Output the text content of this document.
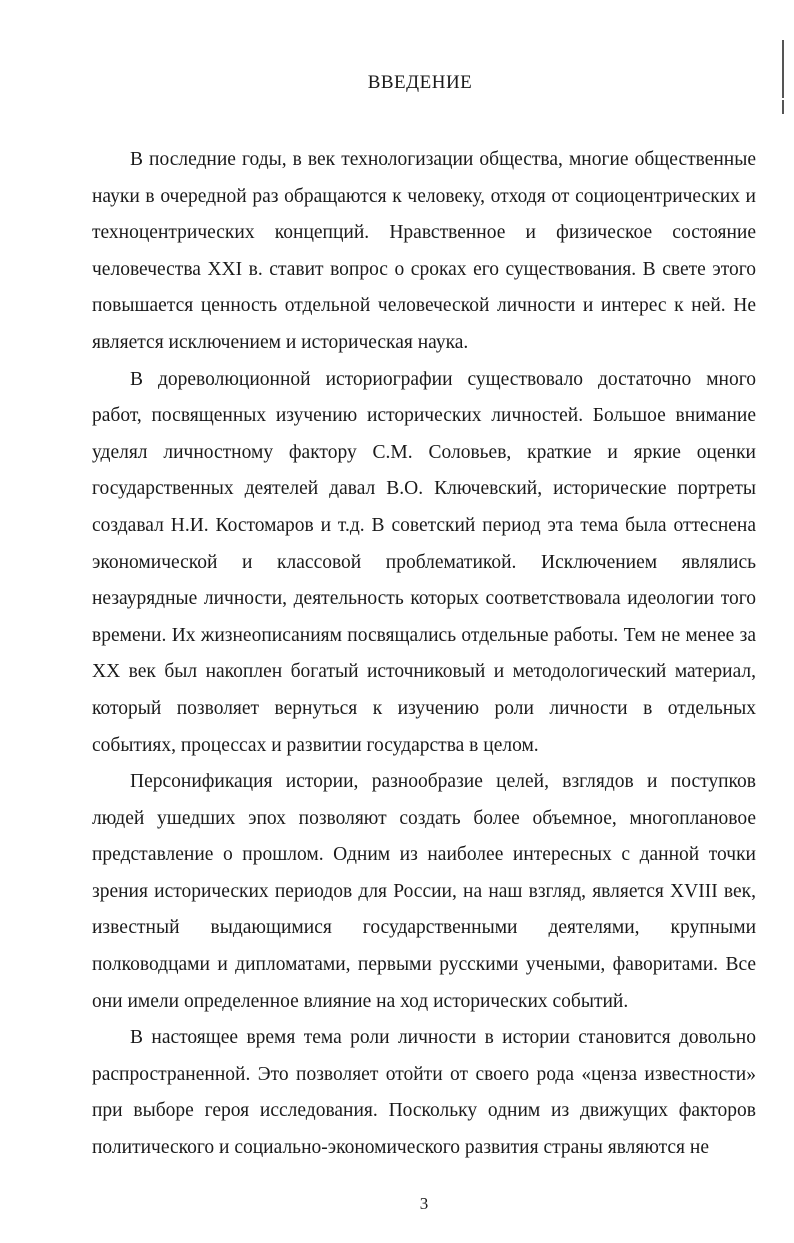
ВВЕДЕНИЕ

В последние годы, в век технологизации общества, многие общественные науки в очередной раз обращаются к человеку, отходя от социоцентрических и техноцентрических концепций. Нравственное и физическое состояние человечества XXI в. ставит вопрос о сроках его существования. В свете этого повышается ценность отдельной человеческой личности и интерес к ней. Не является исключением и историческая наука.

В дореволюционной историографии существовало достаточно много работ, посвященных изучению исторических личностей. Большое внимание уделял личностному фактору С.М. Соловьев, краткие и яркие оценки государственных деятелей давал В.О. Ключевский, исторические портреты создавал Н.И. Костомаров и т.д. В советский период эта тема была оттеснена экономической и классовой проблематикой. Исключением являлись незаурядные личности, деятельность которых соответствовала идеологии того времени. Их жизнеописаниям посвящались отдельные работы. Тем не менее за XX век был накоплен богатый источниковый и методологический материал, который позволяет вернуться к изучению роли личности в отдельных событиях, процессах и развитии государства в целом.

Персонификация истории, разнообразие целей, взглядов и поступков людей ушедших эпох позволяют создать более объемное, многоплановое представление о прошлом. Одним из наиболее интересных с данной точки зрения исторических периодов для России, на наш взгляд, является XVIII век, известный выдающимися государственными деятелями, крупными полководцами и дипломатами, первыми русскими учеными, фаворитами. Все они имели определенное влияние на ход исторических событий.

В настоящее время тема роли личности в истории становится довольно распространенной. Это позволяет отойти от своего рода «ценза известности» при выборе героя исследования. Поскольку одним из движущих факторов политического и социально-экономического развития страны являются не

3
